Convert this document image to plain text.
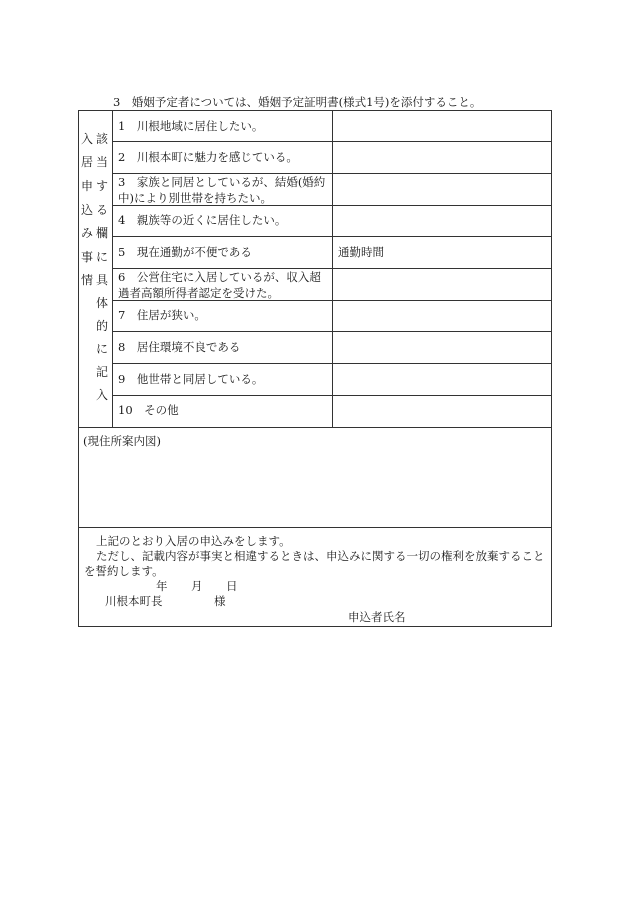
3　婚姻予定者については、婚姻予定証明書(様式1号)を添付すること。
入
居
申
込
み
事
情
該
当
す
る
欄
に
具
体
的
に
記
入
1　川根地域に居住したい。
2　川根本町に魅力を感じている。
3　家族と同居としているが、結婚(婚約中)により別世帯を持ちたい。
4　親族等の近くに居住したい。
5　現在通勤が不便である
6　公営住宅に入居しているが、収入超過者高額所得者認定を受けた。
7　住居が狭い。
8　居住環境不良である
9　他世帯と同居している。
10　その他
通勤時間
(現住所案内図)
上記のとおり入居の申込みをします。
ただし、記載内容が事実と相違するときは、申込みに関する一切の権利を放棄すること
を誓約します。
年 月 日
川根本町長	様
申込者氏名
